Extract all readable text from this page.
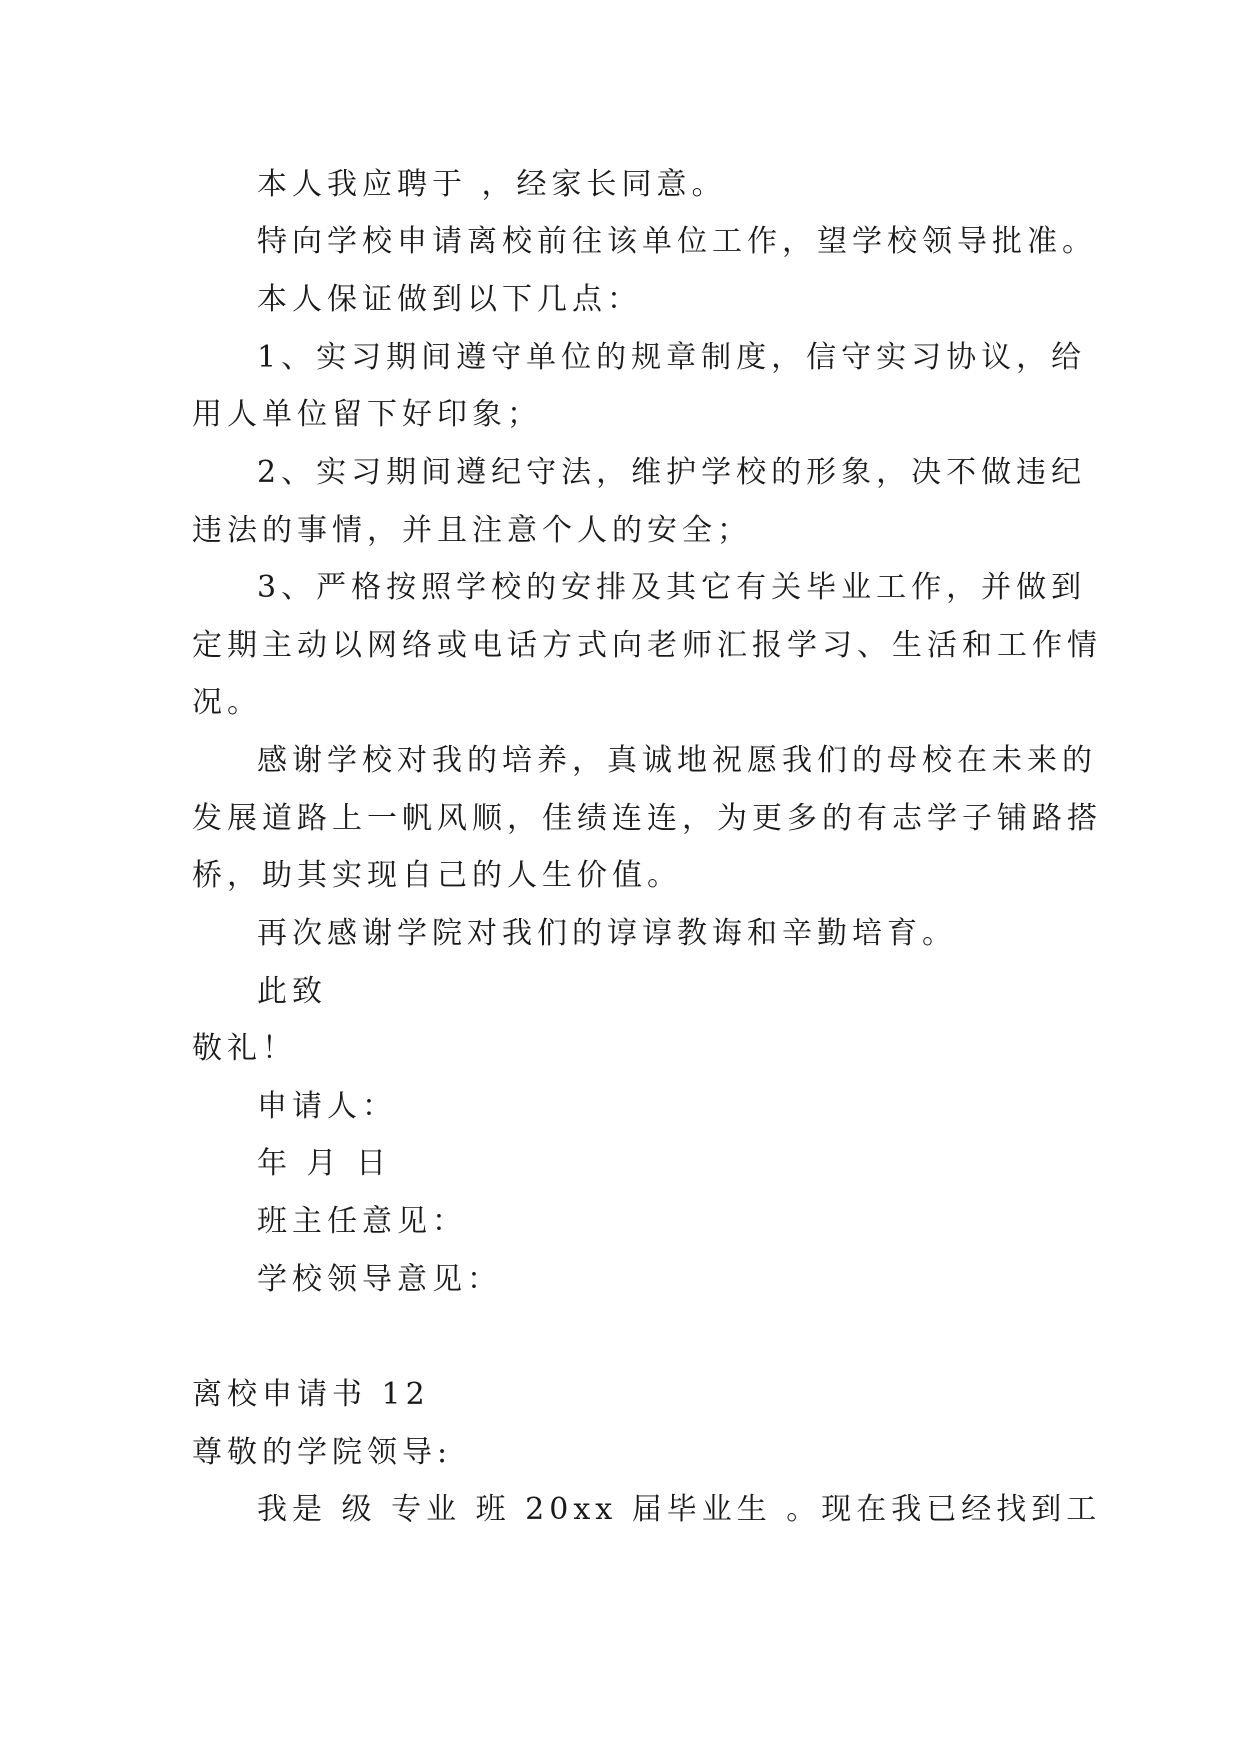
本人我应聘于 ，经家长同意。
特向学校申请离校前往该单位工作，望学校领导批准。
本人保证做到以下几点：
1、实习期间遵守单位的规章制度，信守实习协议，给
用人单位留下好印象；
2、实习期间遵纪守法，维护学校的形象，决不做违纪
违法的事情，并且注意个人的安全；
3、严格按照学校的安排及其它有关毕业工作，并做到
定期主动以网络或电话方式向老师汇报学习、生活和工作情
况。
感谢学校对我的培养，真诚地祝愿我们的母校在未来的
发展道路上一帆风顺，佳绩连连，为更多的有志学子铺路搭
桥，助其实现自己的人生价值。
再次感谢学院对我们的谆谆教诲和辛勤培育。
此致
敬礼！
申请人：
年 月 日
班主任意见：
学校领导意见：
离校申请书 12
尊敬的学院领导:
我是 级 专业 班 20xx 届毕业生 。现在我已经找到工
